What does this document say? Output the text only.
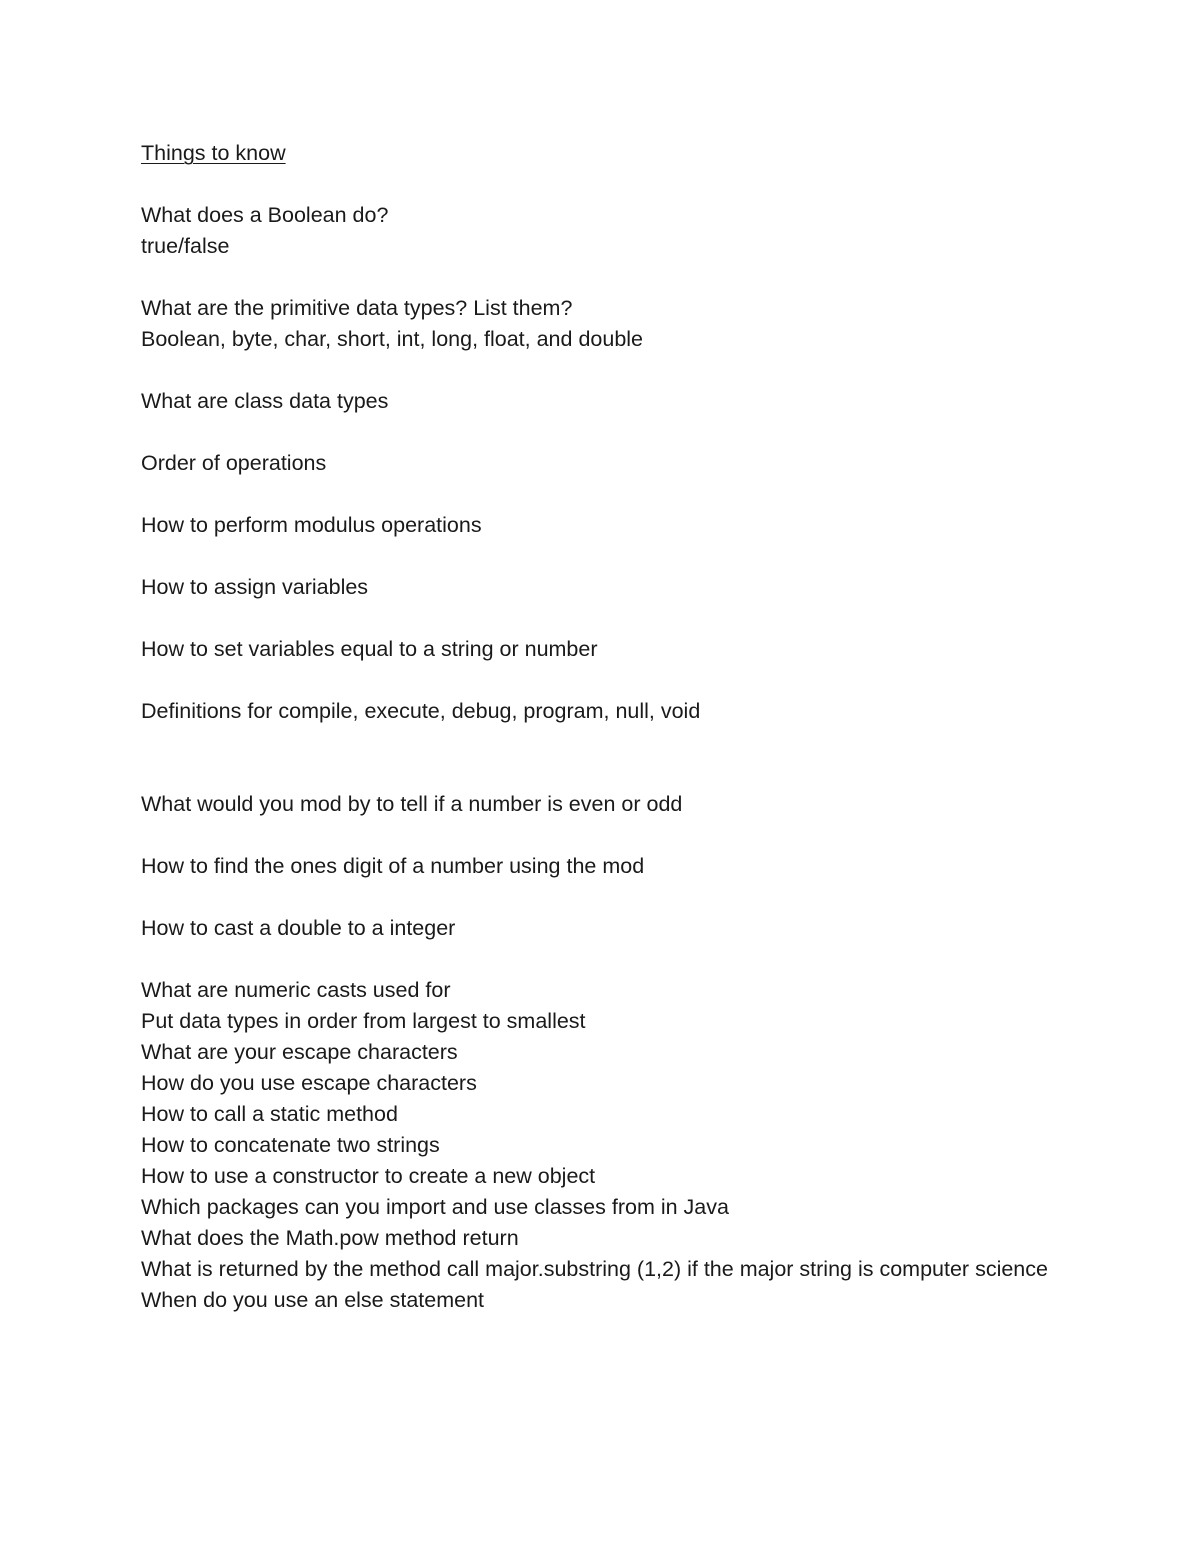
Things to know
What does a Boolean do?
true/false
What are the primitive data types? List them?
Boolean, byte, char, short, int, long, float, and double
What are class data types
Order of operations
How to perform modulus operations
How to assign variables
How to set variables equal to a string or number
Definitions for compile, execute, debug, program, null, void
What would you mod by to tell if a number is even or odd
How to find the ones digit of a number using the mod
How to cast a double to a integer
What are numeric casts used for
Put data types in order from largest to smallest
What are your escape characters
How do you use escape characters
How to call a static method
How to concatenate two strings
How to use a constructor to create a new object
Which packages can you import and use classes from in Java
What does the Math.pow method return
What is returned by the method call major.substring (1,2) if the major string is computer science
When do you use an else statement
